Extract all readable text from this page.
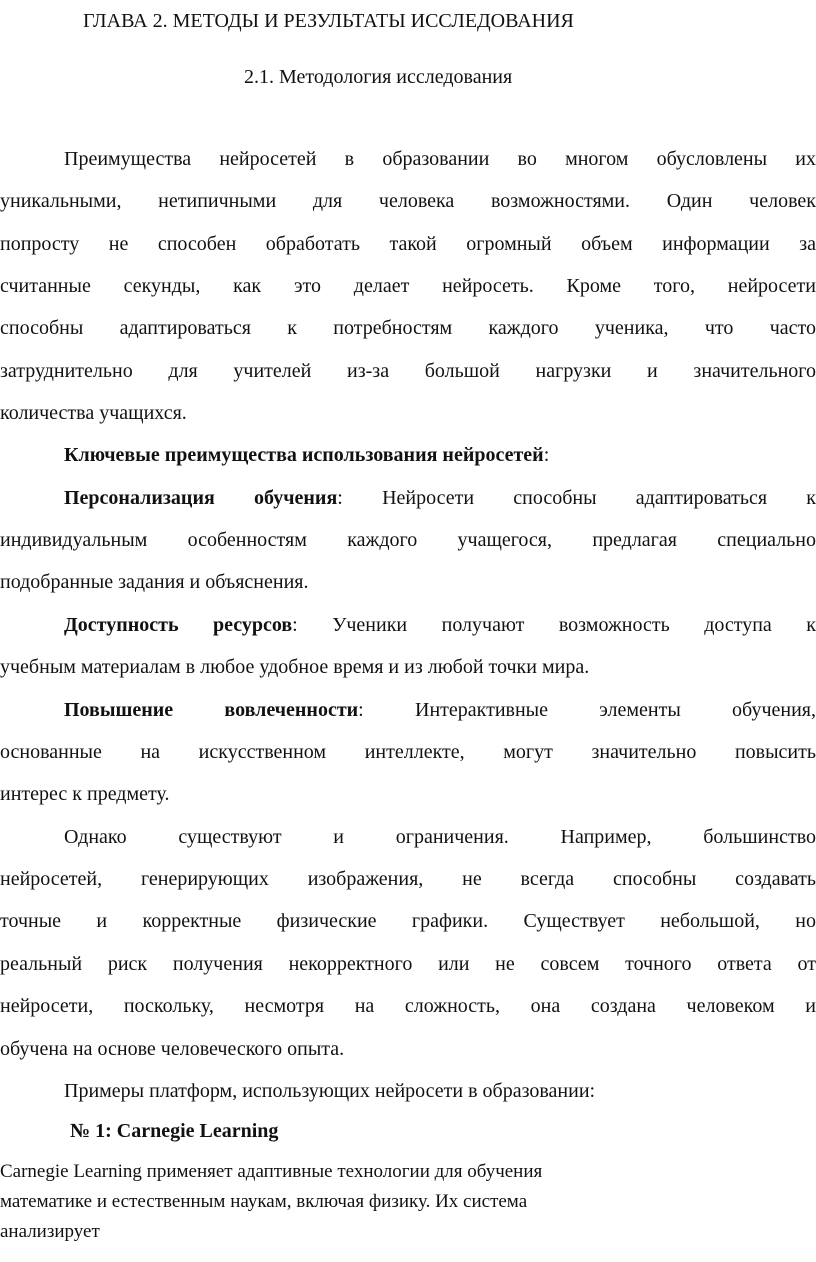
ГЛАВА 2. МЕТОДЫ И РЕЗУЛЬТАТЫ ИССЛЕДОВАНИЯ
2.1. Методология исследования
Преимущества нейросетей в образовании во многом обусловлены их
уникальными, нетипичными для человека возможностями. Один человек
попросту не способен обработать такой огромный объем информации за
считанные секунды, как это делает нейросеть. Кроме того, нейросети
способны адаптироваться к потребностям каждого ученика, что часто
затруднительно для учителей из-за большой нагрузки и значительного
количества учащихся.
Ключевые преимущества использования нейросетей:
Персонализация обучения: Нейросети способны адаптироваться к
индивидуальным особенностям каждого учащегося, предлагая специально
подобранные задания и объяснения.
Доступность ресурсов: Ученики получают возможность доступа к
учебным материалам в любое удобное время и из любой точки мира.
Повышение вовлеченности: Интерактивные элементы обучения,
основанные на искусственном интеллекте, могут значительно повысить
интерес к предмету.
Однако существуют и ограничения. Например, большинство
нейросетей, генерирующих изображения, не всегда способны создавать
точные и корректные физические графики. Существует небольшой, но
реальный риск получения некорректного или не совсем точного ответа от
нейросети, поскольку, несмотря на сложность, она создана человеком и
обучена на основе человеческого опыта.
Примеры платформ, использующих нейросети в образовании:
№ 1: Carnegie Learning
Carnegie Learning применяет адаптивные технологии для обучения
математике и естественным наукам, включая физику. Их система
анализирует
